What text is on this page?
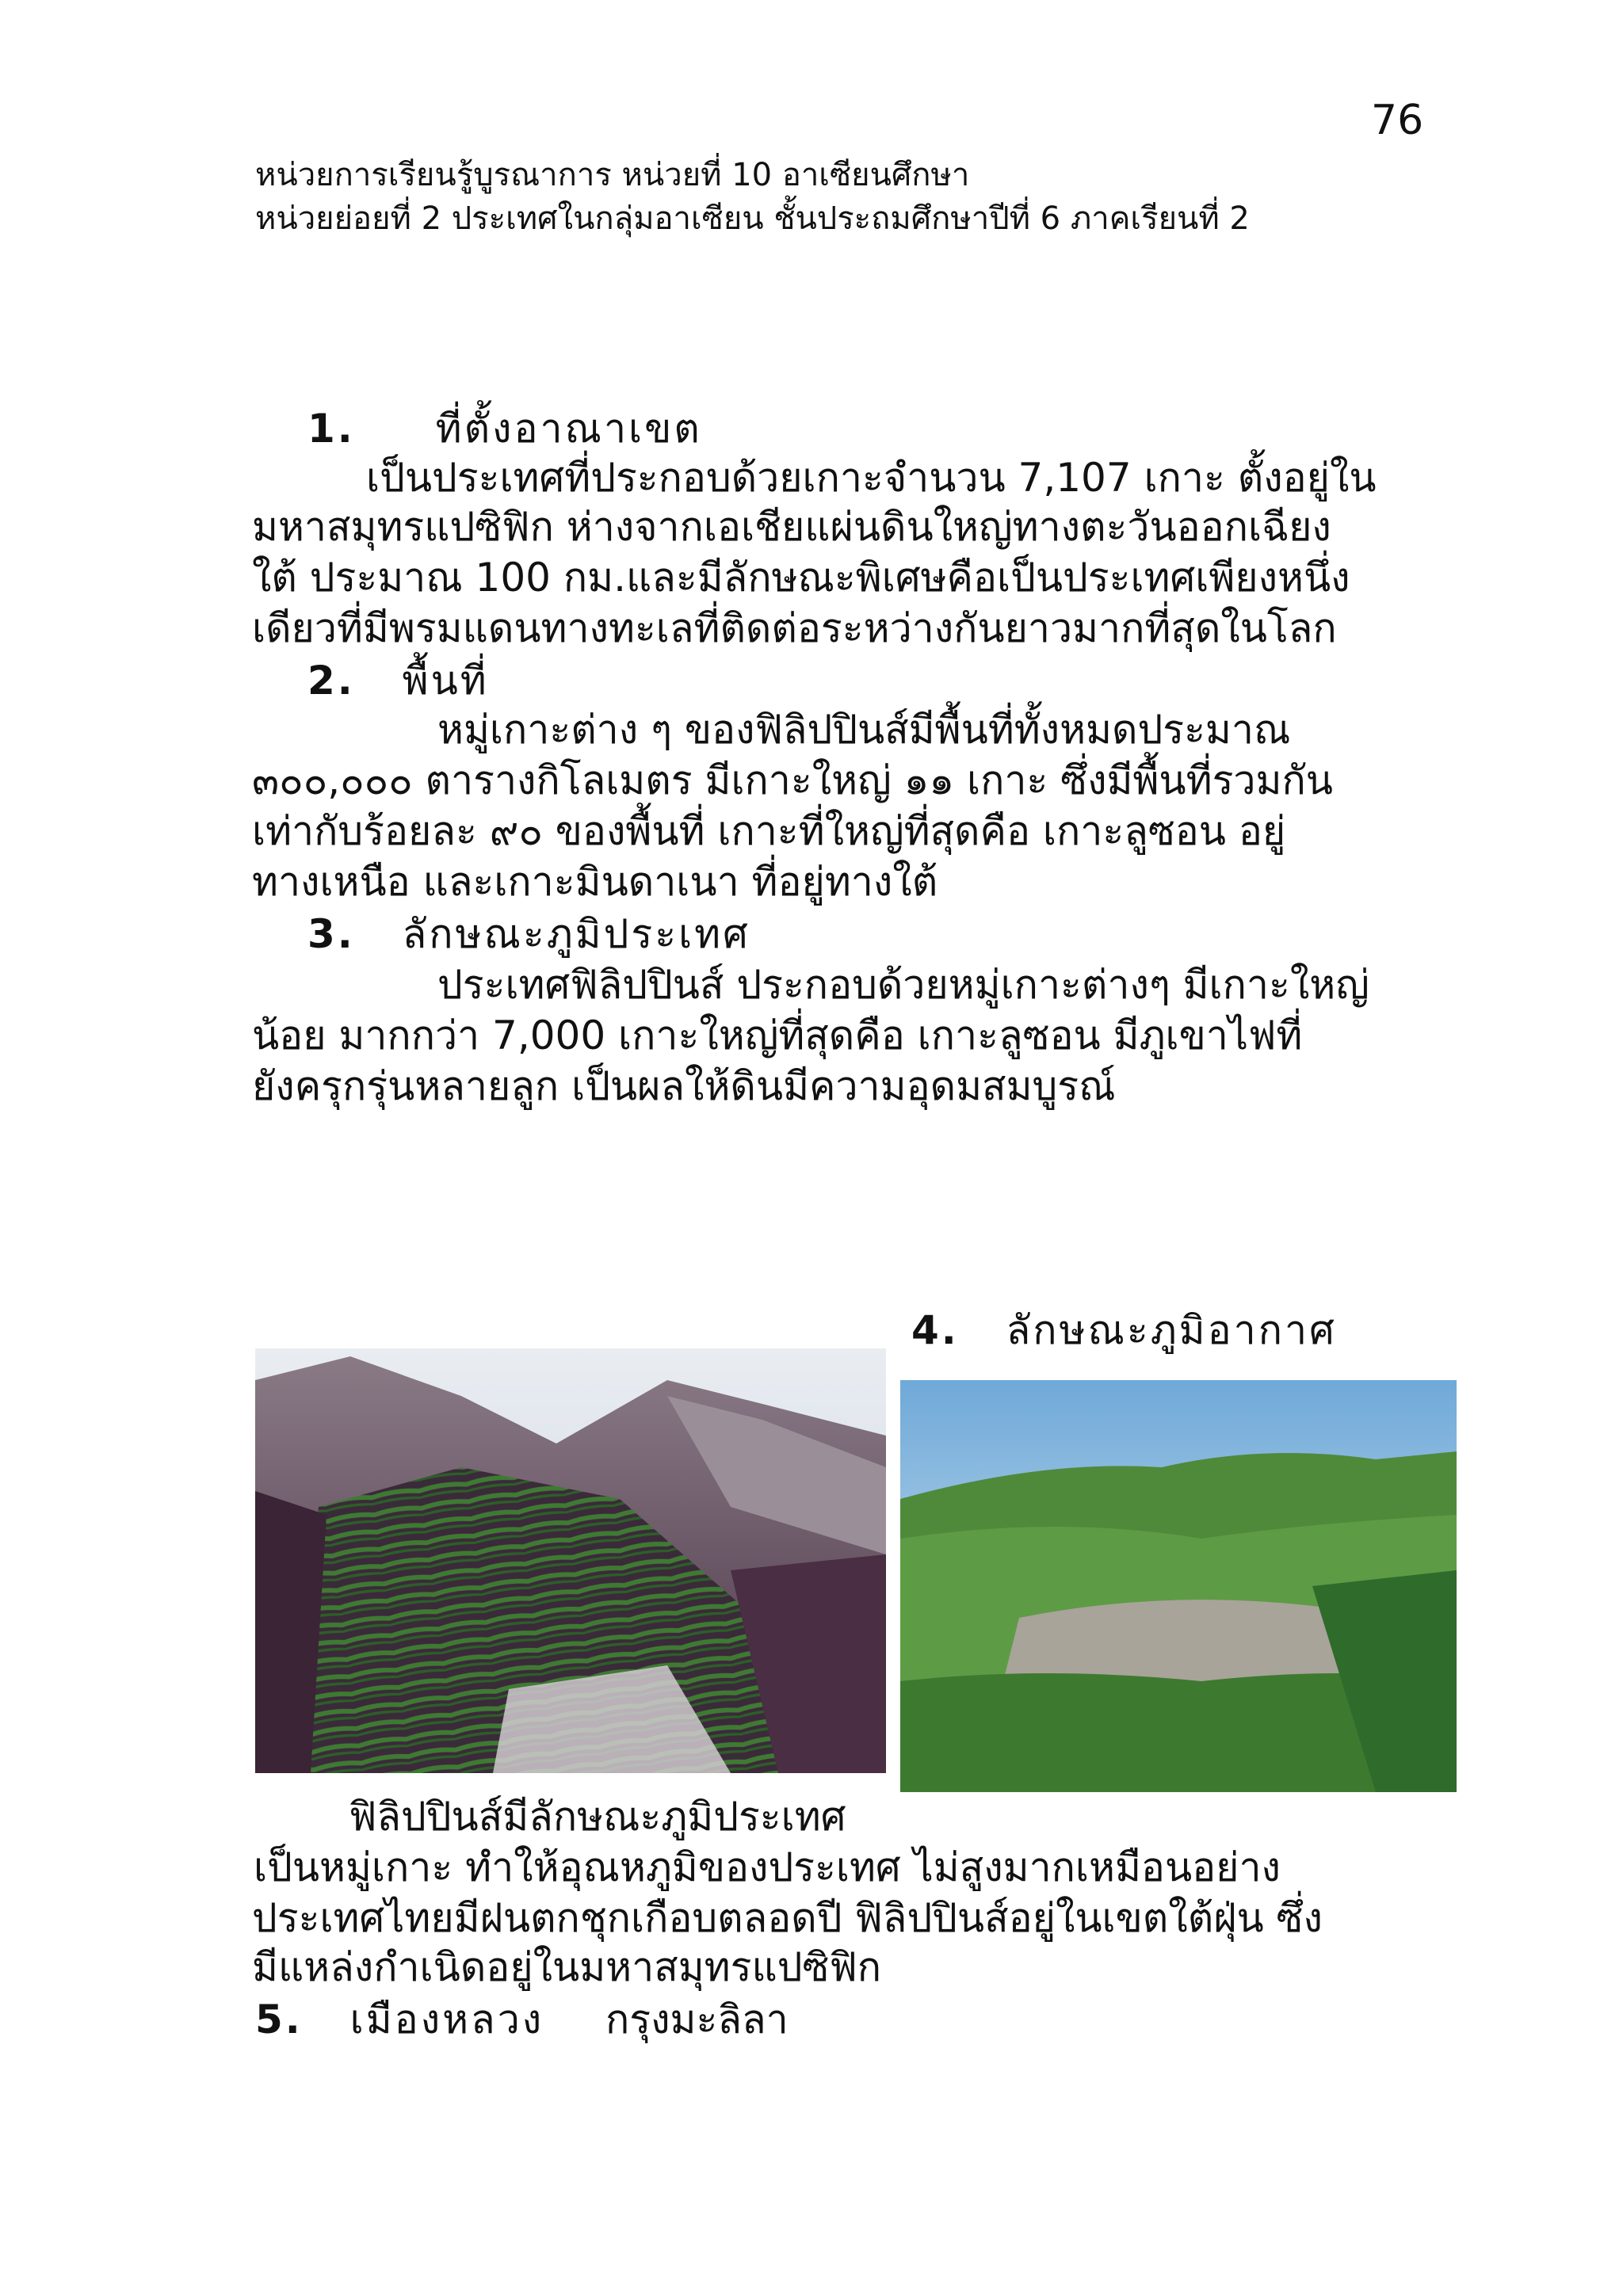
76
หน่วยการเรียนรู้บูรณาการ หน่วยที่ 10 อาเซียนศึกษา
หน่วยย่อยที่ 2 ประเทศในกลุ่มอาเซียน ชั้นประถมศึกษาปีที่ 6 ภาคเรียนที่ 2
1. ที่ตั้งอาณาเขต
เป็นประเทศที่ประกอบด้วยเกาะจำนวน 7,107 เกาะ ตั้งอยู่ใน
มหาสมุทรแปซิฟิก ห่างจากเอเชียแผ่นดินใหญ่ทางตะวันออกเฉียง
ใต้ ประมาณ 100 กม.และมีลักษณะพิเศษคือเป็นประเทศเพียงหนึ่ง
เดียวที่มีพรมแดนทางทะเลที่ติดต่อระหว่างกันยาวมากที่สุดในโลก
2. พื้นที่
หมู่เกาะต่าง ๆ ของฟิลิปปินส์มีพื้นที่ทั้งหมดประมาณ
๓๐๐,๐๐๐ ตารางกิโลเมตร มีเกาะใหญ่ ๑๑ เกาะ ซึ่งมีพื้นที่รวมกัน
เท่ากับร้อยละ ๙๐ ของพื้นที่ เกาะที่ใหญ่ที่สุดคือ เกาะลูซอน อยู่
ทางเหนือ และเกาะมินดาเนา ที่อยู่ทางใต้
3. ลักษณะภูมิประเทศ
ประเทศฟิลิปปินส์ ประกอบด้วยหมู่เกาะต่างๆ มีเกาะใหญ่
น้อย มากกว่า 7,000 เกาะใหญ่ที่สุดคือ เกาะลูซอน มีภูเขาไฟที่
ยังครุกรุ่นหลายลูก เป็นผลให้ดินมีความอุดมสมบูรณ์
4. ลักษณะภูมิอากาศ
ฟิลิปปินส์มีลักษณะภูมิประเทศ
เป็นหมู่เกาะ ทำให้อุณหภูมิของประเทศ ไม่สูงมากเหมือนอย่าง
ประเทศไทยมีฝนตกชุกเกือบตลอดปี ฟิลิปปินส์อยู่ในเขตใต้ฝุ่น ซึ่ง
มีแหล่งกำเนิดอยู่ในมหาสมุทรแปซิฟิก
5. เมืองหลวง กรุงมะลิลา
